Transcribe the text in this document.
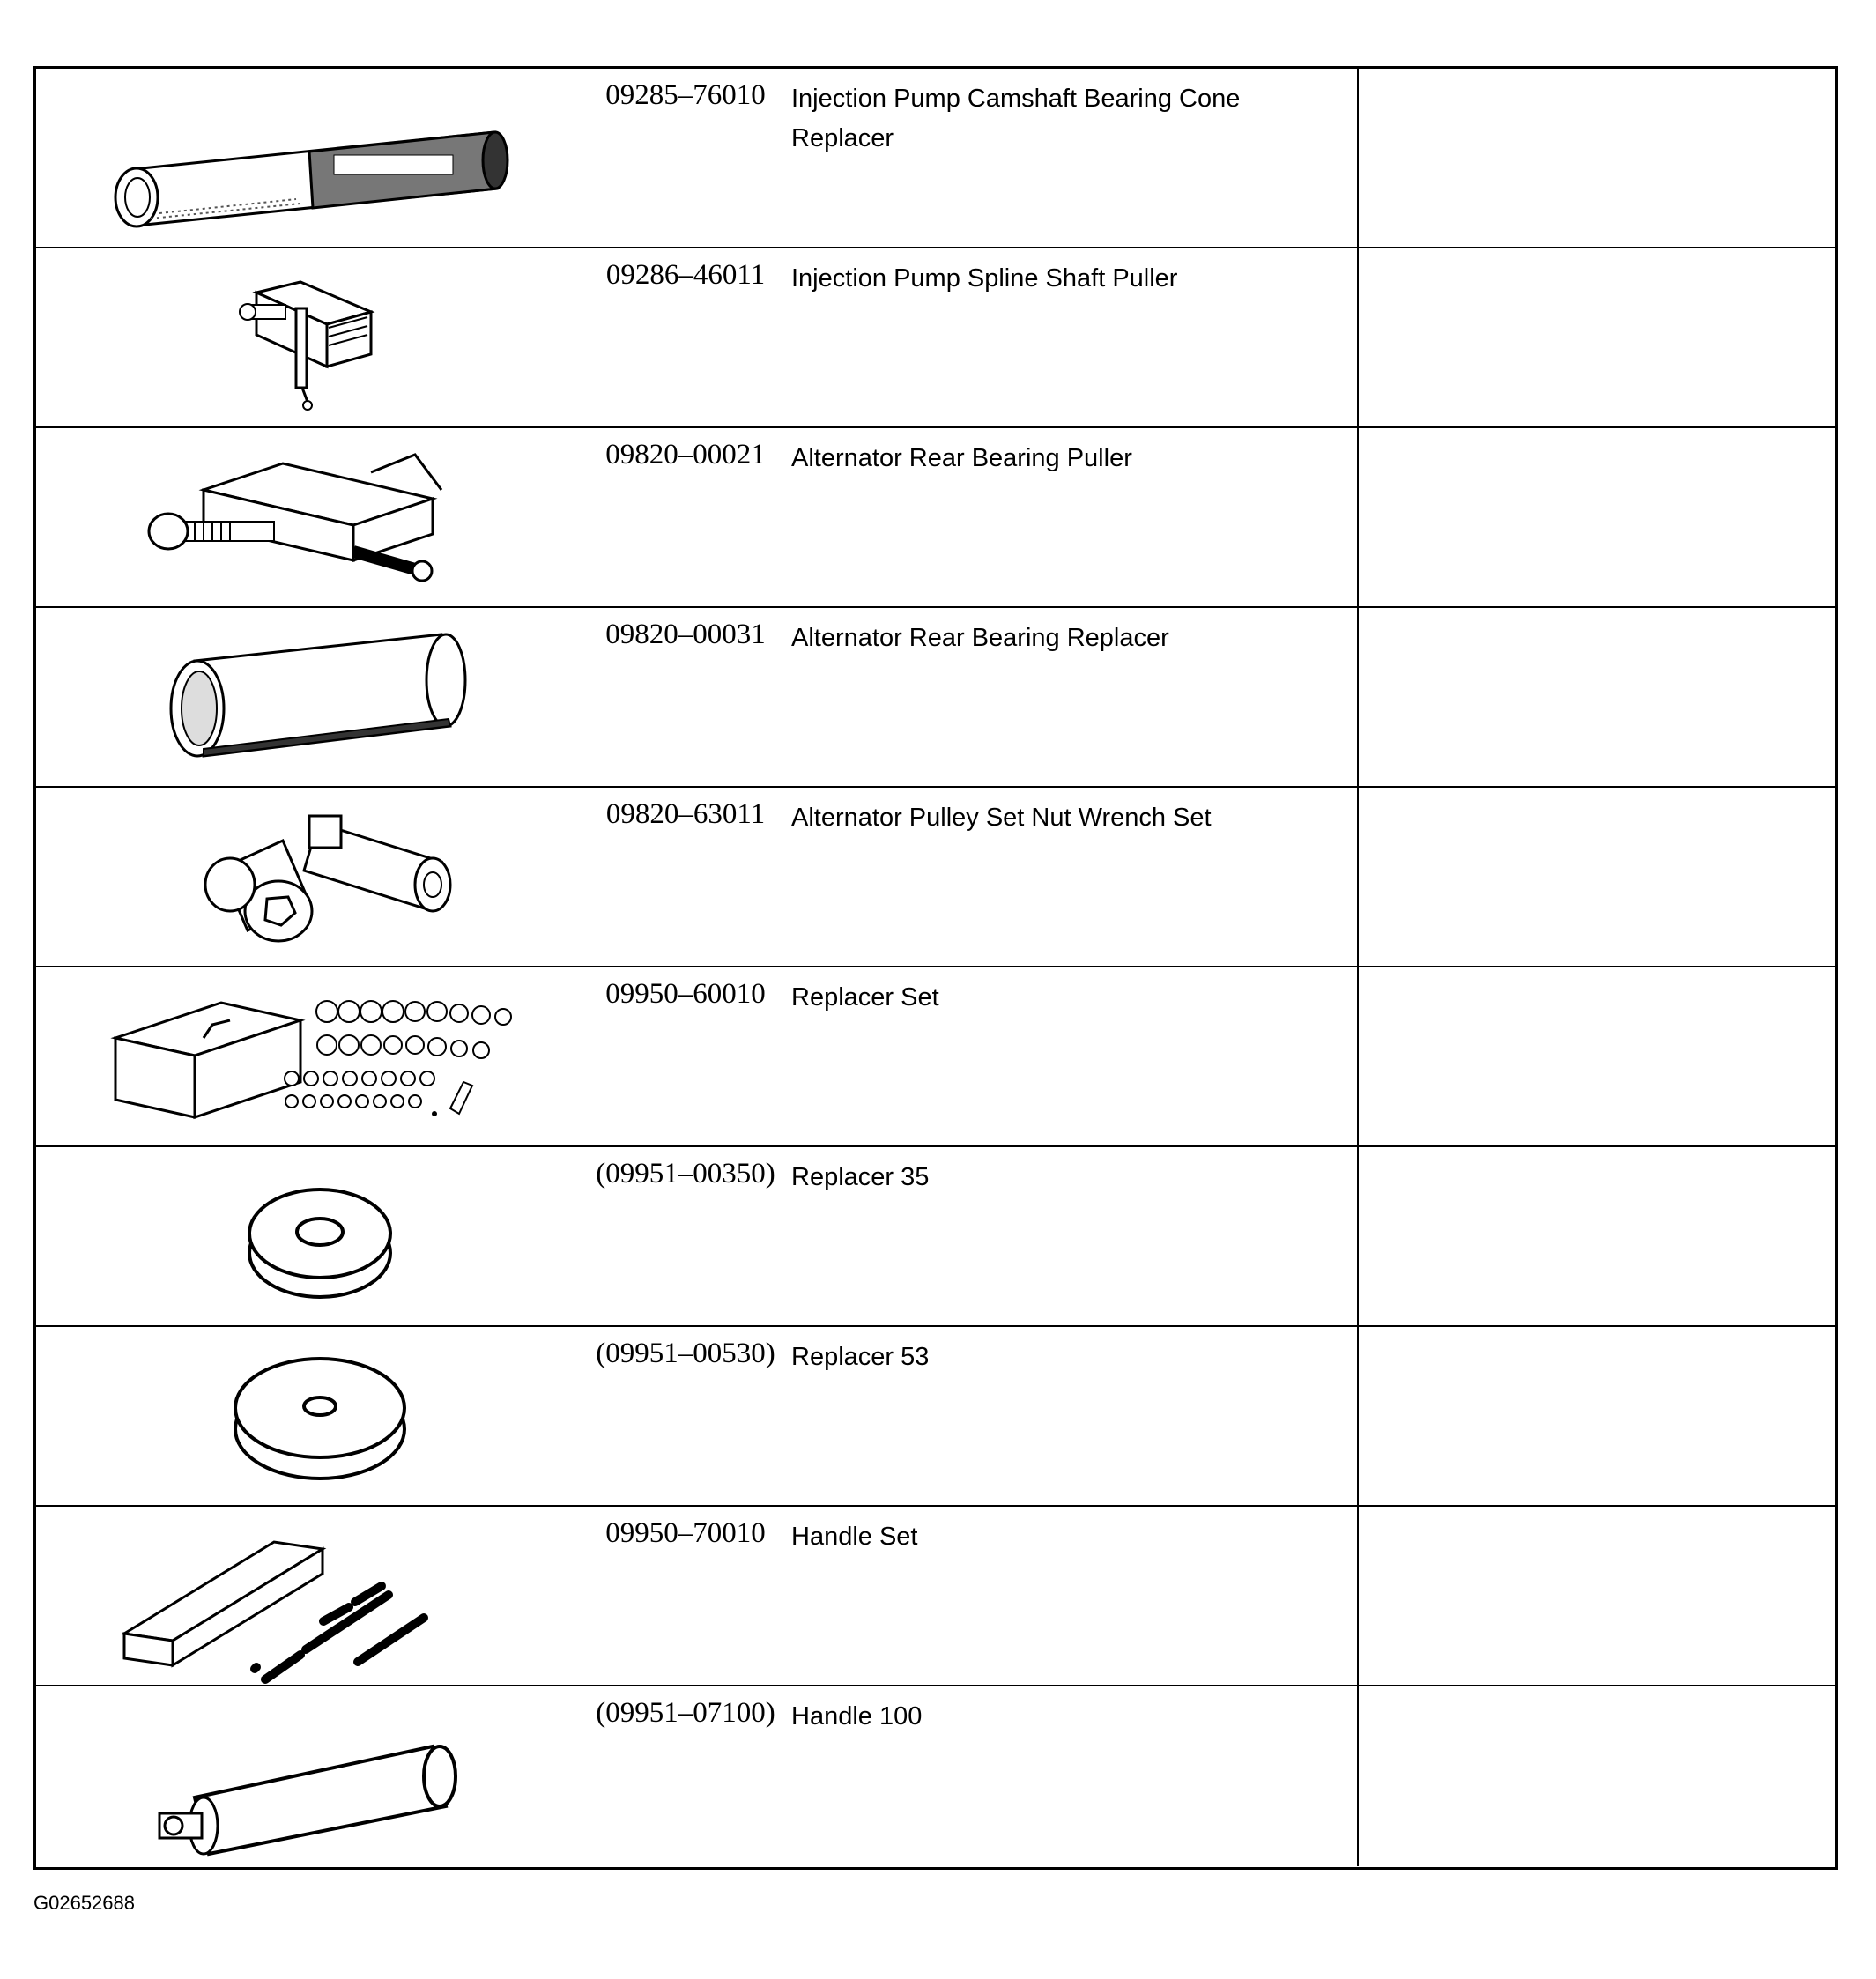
09285–76010	Injection Pump Camshaft Bearing Cone Replacer
09286–46011	Injection Pump Spline Shaft Puller
09820–00021	Alternator Rear Bearing Puller
09820–00031	Alternator Rear Bearing Replacer
09820–63011	Alternator Pulley Set Nut Wrench Set
09950–60010	Replacer Set
(09951–00350) Replacer 35
(09951–00530) Replacer 53
09950–70010	Handle Set
(09951–07100) Handle 100
G02652688
